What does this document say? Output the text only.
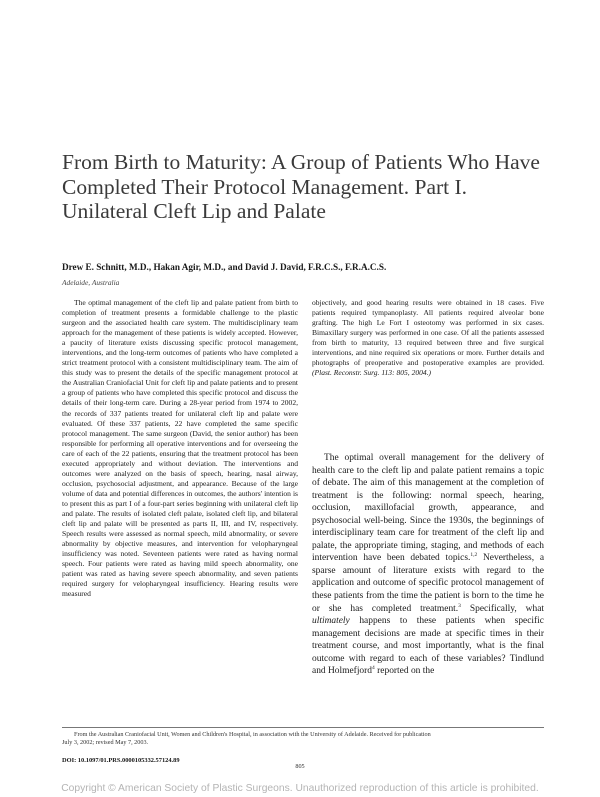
From Birth to Maturity: A Group of Patients Who Have Completed Their Protocol Management. Part I. Unilateral Cleft Lip and Palate

Drew E. Schnitt, M.D., Hakan Agir, M.D., and David J. David, F.R.C.S., F.R.A.C.S.

Adelaide, Australia

The optimal management of the cleft lip and palate patient from birth to completion of treatment presents a formidable challenge to the plastic surgeon and the associated health care system. The multidisciplinary team approach for the management of these patients is widely accepted. However, a paucity of literature exists discussing specific protocol management, interventions, and the long-term outcomes of patients who have completed a strict treatment protocol with a consistent multidisciplinary team. The aim of this study was to present the details of the specific management protocol at the Australian Craniofacial Unit for cleft lip and palate patients and to present a group of patients who have completed this specific protocol and discuss the details of their long-term care. During a 28-year period from 1974 to 2002, the records of 337 patients treated for unilateral cleft lip and palate were evaluated. Of these 337 patients, 22 have completed the same specific protocol management. The same surgeon (David, the senior author) has been responsible for performing all operative interventions and for overseeing the care of each of the 22 patients, ensuring that the treatment protocol has been executed appropriately and without deviation. The interventions and outcomes were analyzed on the basis of speech, hearing, nasal airway, occlusion, psychosocial adjustment, and appearance. Because of the large volume of data and potential differences in outcomes, the authors' intention is to present this as part I of a four-part series beginning with unilateral cleft lip and palate. The results of isolated cleft palate, isolated cleft lip, and bilateral cleft lip and palate will be presented as parts II, III, and IV, respectively. Speech results were assessed as normal speech, mild abnormality, or severe abnormality by objective measures, and intervention for velopharyngeal insufficiency was noted. Seventeen patients were rated as having normal speech. Four patients were rated as having mild speech abnormality, one patient was rated as having severe speech abnormality, and seven patients required surgery for velopharyngeal insufficiency. Hearing results were measured

objectively, and good hearing results were obtained in 18 cases. Five patients required tympanoplasty. All patients required alveolar bone grafting. The high Le Fort I osteotomy was performed in six cases. Bimaxillary surgery was performed in one case. Of all the patients assessed from birth to maturity, 13 required between three and five surgical interventions, and nine required six operations or more. Further details and photographs of preoperative and postoperative examples are provided. (Plast. Reconstr. Surg. 113: 805, 2004.)

The optimal overall management for the delivery of health care to the cleft lip and palate patient remains a topic of debate. The aim of this management at the completion of treatment is the following: normal speech, hearing, occlusion, maxillofacial growth, appearance, and psychosocial well-being. Since the 1930s, the beginnings of interdisciplinary team care for treatment of the cleft lip and palate, the appropriate timing, staging, and methods of each intervention have been debated topics.$^{1,2}$ Nevertheless, a sparse amount of literature exists with regard to the application and outcome of specific protocol management of these patients from the time the patient is born to the time he or she has completed treatment.$^3$ Specifically, what ultimately happens to these patients when specific management decisions are made at specific times in their treatment course, and most importantly, what is the final outcome with regard to each of these variables? Tindlund and Holmefjord$^4$ reported on the

From the Australian Craniofacial Unit, Women and Children's Hospital, in association with the University of Adelaide. Received for publication
July 3, 2002; revised May 7, 2003.
DOI: 10.1097/01.PRS.0000105332.57124.89
805
Copyright © American Society of Plastic Surgeons. Unauthorized reproduction of this article is prohibited.
